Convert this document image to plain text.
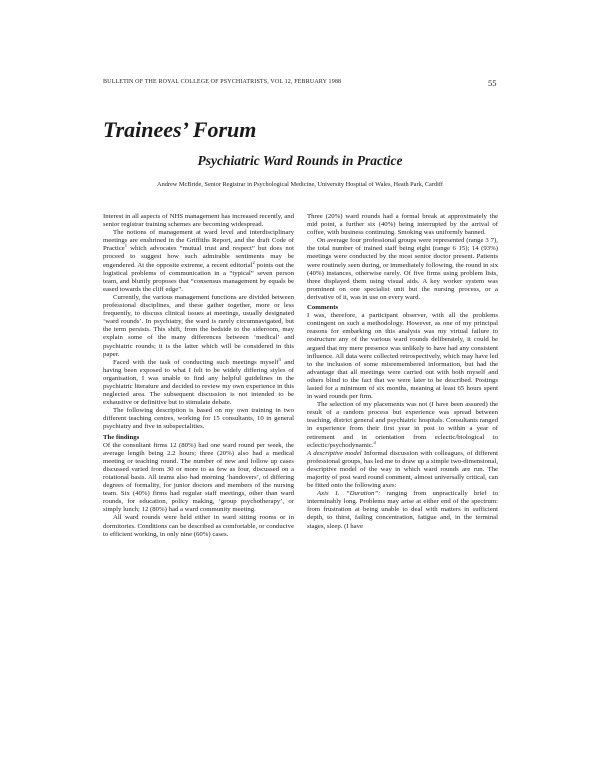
BULLETIN OF THE ROYAL COLLEGE OF PSYCHIATRISTS, VOL 12, FEBRUARY 1988	55
Trainees’ Forum
Psychiatric Ward Rounds in Practice
Andrew McBride, Senior Registrar in Psychological Medicine, University Hospital of Wales, Heath Park, Cardiff

Interest in all aspects of NHS management has increased recently, and senior registrar training schemes are becoming widespread.

The notions of management at ward level and interdisciplinary meetings are enshrined in the Griffiths Report, and the draft Code of Practice$^1$ which advocates “mutual trust and respect” but does not proceed to suggest how such admirable sentiments may be engendered. At the opposite extreme, a recent editorial$^2$ points out the logistical problems of communication in a “typical” seven person team, and bluntly proposes that “consensus management by equals be eased towards the cliff edge”.

Currently, the various management functions are divided between professional disciplines, and these gather together, more or less frequently, to discuss clinical issues at meetings, usually designated ‘ward rounds’. In psychiatry, the ward is rarely circumnavigated, but the term persists. This shift, from the bedside to the sideroom, may explain some of the many differences between ‘medical’ and psychiatric rounds; it is the latter which will be considered in this paper.

Faced with the task of conducting such meetings myself$^3$ and having been exposed to what I felt to be widely differing styles of organisation, I was unable to find any helpful guidelines in the psychiatric literature and decided to review my own experience in this neglected area. The subsequent discussion is not intended to be exhaustive or definitive but to stimulate debate.

The following description is based on my own training in two different teaching centres, working for 15 consultants, 10 in general psychiatry and five in subspecialities.

The findings

Of the consultant firms 12 (80%) had one ward round per week, the average length being 2.2 hours; three (20%) also had a medical meeting or teaching round. The number of new and follow up cases discussed varied from 30 or more to as few as four, discussed on a rotational basis. All teams also had morning ‘handovers’, of differing degrees of formality, for junior doctors and members of the nursing team. Six (40%) firms had regular staff meetings, other than ward rounds, for education, policy making, ‘group psychotherapy’, or simply lunch; 12 (80%) had a ward community meeting.

All ward rounds were held either in ward sitting rooms or in dormitories. Conditions can be described as comfortable, or conducive to efficient working, in only nine (60%) cases.

Three (20%) ward rounds had a formal break at approximately the mid point, a further six (40%) being interrupted by the arrival of coffee, with business continuing. Smoking was uniformly banned.

On average four professional groups were represented (range 3 7), the total number of trained staff being eight (range 6 15); 14 (93%) meetings were conducted by the most senior doctor present. Patients were routinely seen during, or immediately following, the round in six (40%) instances, otherwise rarely. Of five firms using problem lists, three displayed them using visual aids. A key worker system was prominent on one specialist unit but the nursing process, or a derivative of it, was in use on every ward.

Comments

I was, therefore, a participant observer, with all the problems contingent on such a methodology. However, as one of my principal reasons for embarking on this analysis was my virtual failure to restructure any of the various ward rounds deliberately, it could be argued that my mere presence was unlikely to have had any consistent influence. All data were collected retrospectively, which may have led to the inclusion of some misremembered information, but had the advantage that all meetings were carried out with both myself and others blind to the fact that we were later to be described. Postings lasted for a minimum of six months, meaning at least 65 hours spent in ward rounds per firm.

The selection of my placements was not (I have been assured) the result of a random process but experience was spread between teaching, district general and psychiatric hospitals. Consultants ranged in experience from their first year in post to within a year of retirement and in orientation from eclectic/biological to eclectic/psychodynamic.$^4$

A descriptive model Informal discussion with colleagues, of different professional groups, has led me to draw up a simple two-dimensional, descriptive model of the way in which ward rounds are run. The majority of post ward round comment, almost universally critical, can be fitted onto the following axes:

Axis 1. “Duration”: ranging from unpractically brief to interminably long. Problems may arise at either end of the spectrum: from frustration at being unable to deal with matters in sufficient depth, to thirst, failing concentration, fatigue and, in the terminal stages, sleep. (I have
